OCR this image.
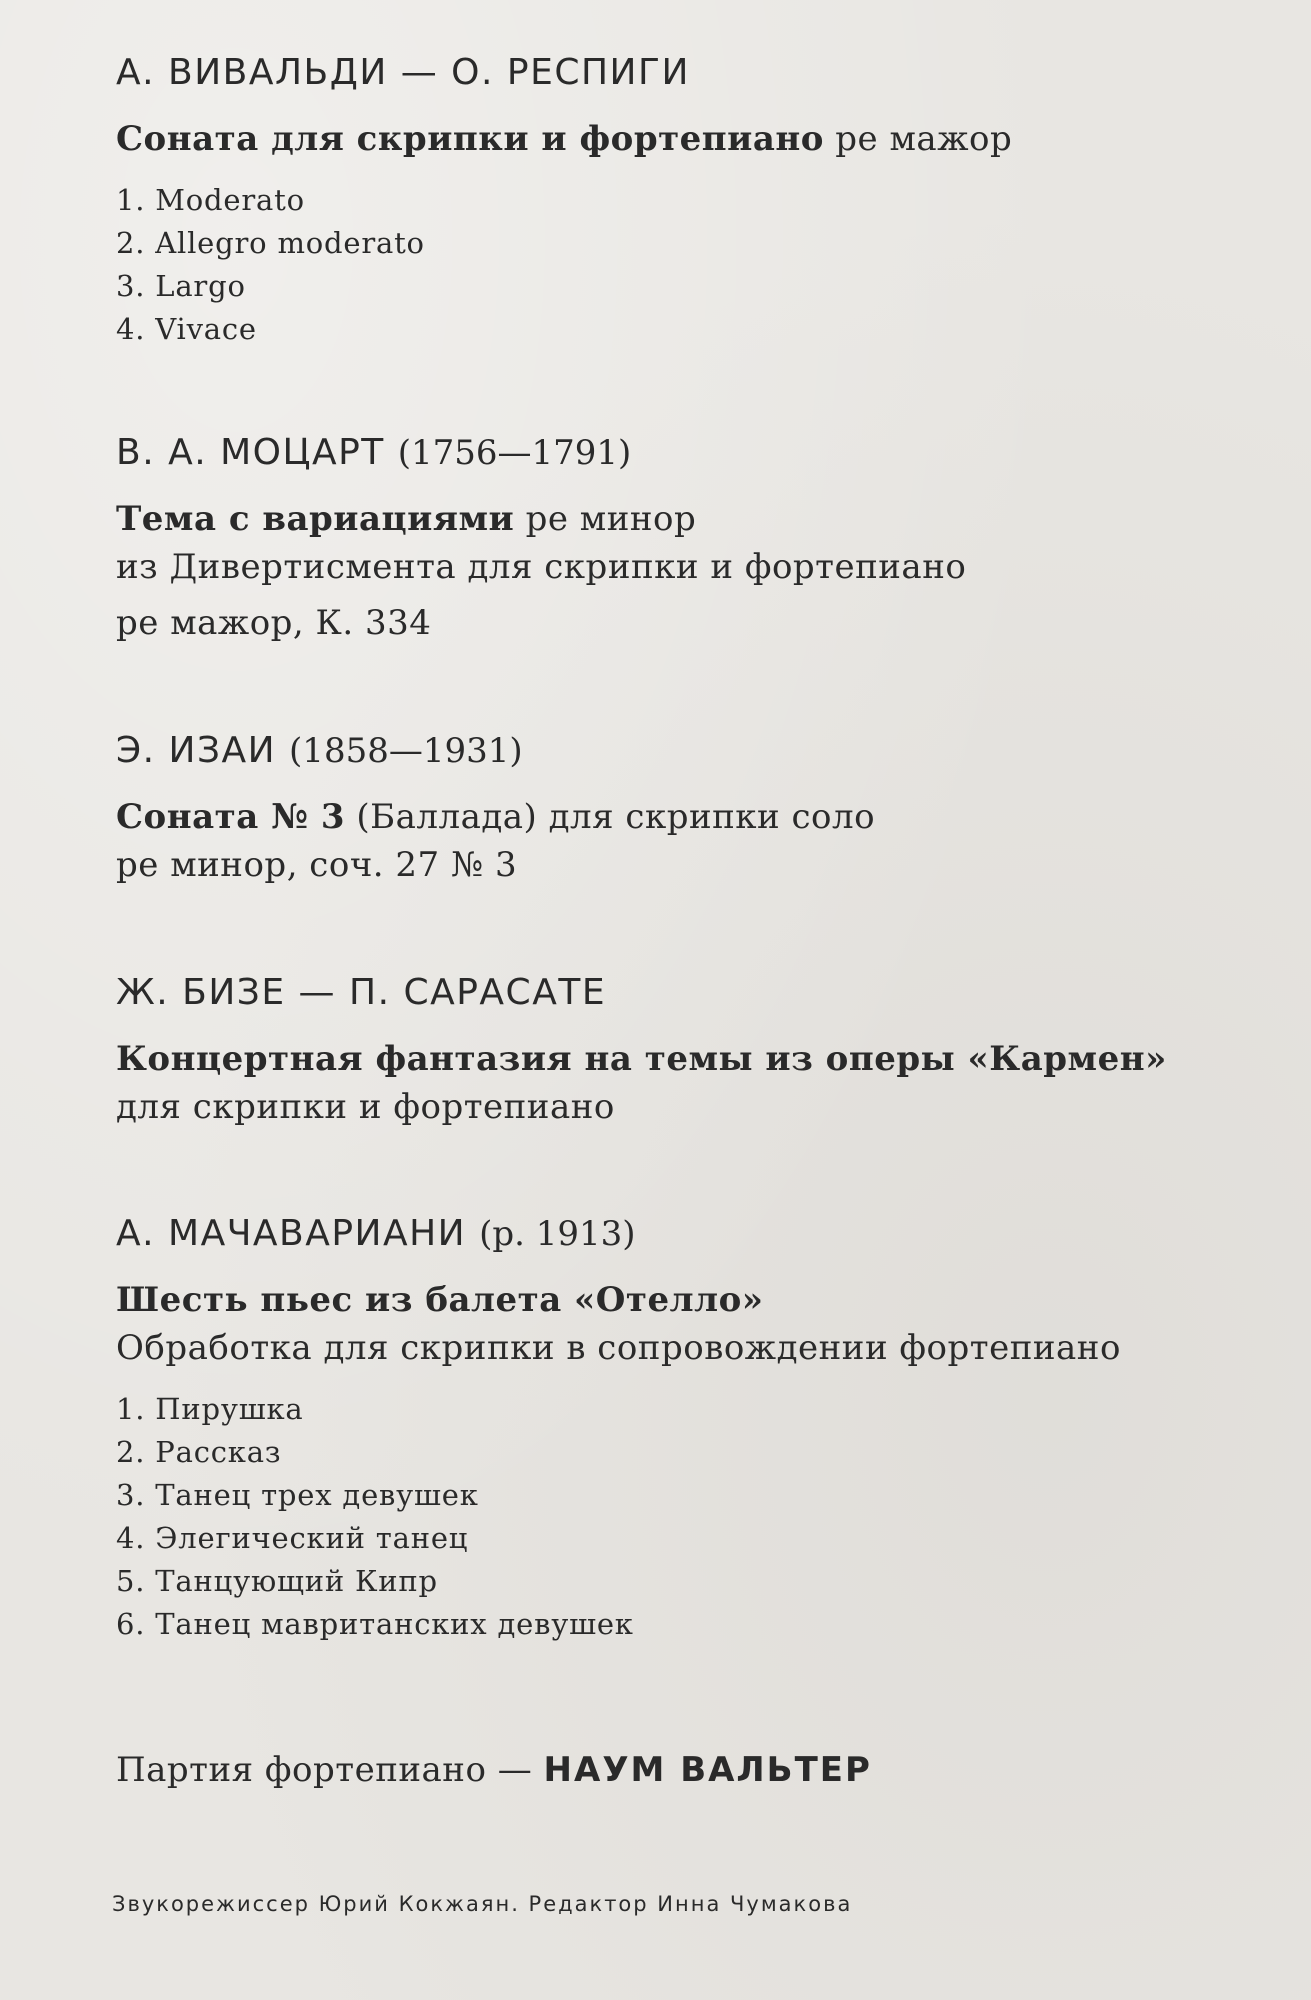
А. ВИВАЛЬДИ — О. РЕСПИГИ

Соната для скрипки и фортепиано ре мажор

1. Moderato
2. Allegro moderato
3. Largo
4. Vivace

В. А. МОЦАРТ (1756—1791)

Тема с вариациями ре минор

из Дивертисмента для скрипки и фортепиано

ре мажор, К. 334

Э. ИЗАИ (1858—1931)

Соната № 3 (Баллада) для скрипки соло

ре минор, соч. 27 № 3

Ж. БИЗЕ — П. САРАСАТЕ

Концертная фантазия на темы из оперы «Кармен»

для скрипки и фортепиано

А. МАЧАВАРИАНИ (р. 1913)

Шесть пьес из балета «Отелло»

Обработка для скрипки в сопровождении фортепиано

1. Пирушка
2. Рассказ
3. Танец трех девушек
4. Элегический танец
5. Танцующий Кипр
6. Танец мавританских девушек
Партия фортепиано — НАУМ ВАЛЬТЕР
Звукорежиссер Юрий Кокжаян. Редактор Инна Чумакова
